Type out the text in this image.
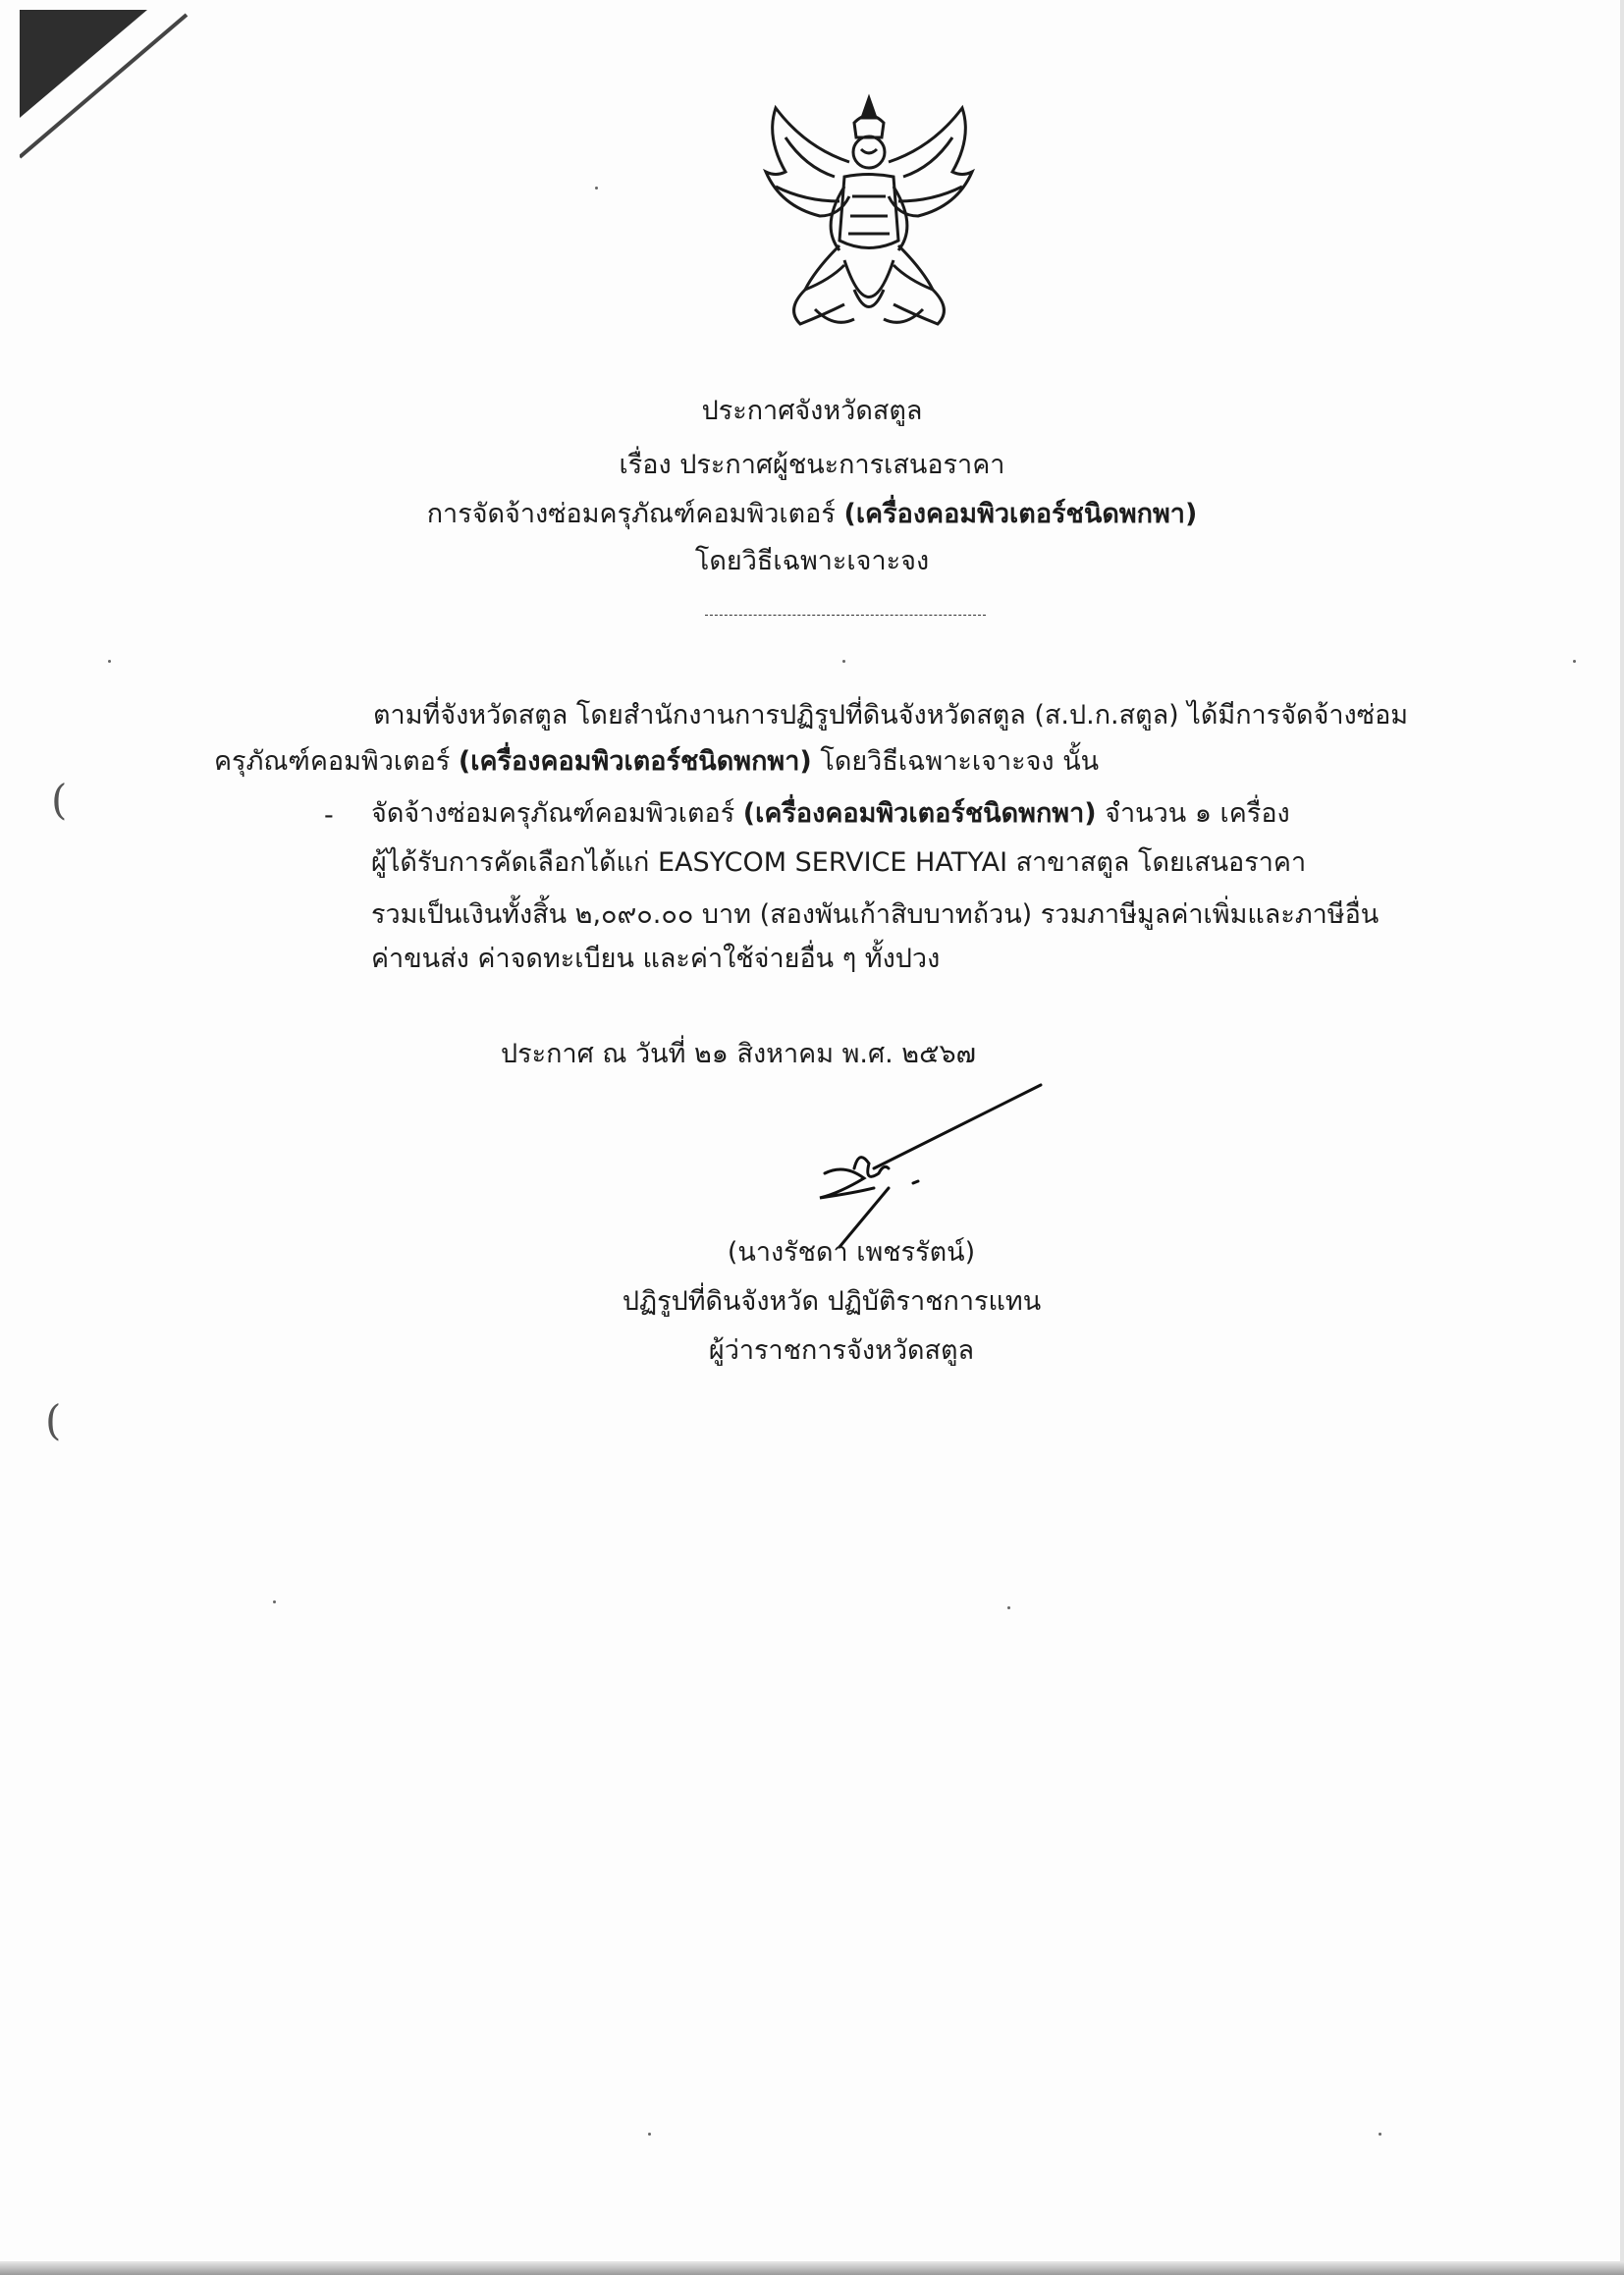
ประกาศจังหวัดสตูล
เรื่อง ประกาศผู้ชนะการเสนอราคา
การจัดจ้างซ่อมครุภัณฑ์คอมพิวเตอร์ (เครื่องคอมพิวเตอร์ชนิดพกพา)
โดยวิธีเฉพาะเจาะจง
ตามที่จังหวัดสตูล โดยสำนักงานการปฏิรูปที่ดินจังหวัดสตูล (ส.ป.ก.สตูล) ได้มีการจัดจ้างซ่อม
ครุภัณฑ์คอมพิวเตอร์ (เครื่องคอมพิวเตอร์ชนิดพกพา) โดยวิธีเฉพาะเจาะจง นั้น
- จัดจ้างซ่อมครุภัณฑ์คอมพิวเตอร์ (เครื่องคอมพิวเตอร์ชนิดพกพา) จำนวน ๑ เครื่อง
ผู้ได้รับการคัดเลือกได้แก่ EASYCOM SERVICE HATYAI สาขาสตูล โดยเสนอราคา
รวมเป็นเงินทั้งสิ้น ๒,๐๙๐.๐๐ บาท (สองพันเก้าสิบบาทถ้วน) รวมภาษีมูลค่าเพิ่มและภาษีอื่น
ค่าขนส่ง ค่าจดทะเบียน และค่าใช้จ่ายอื่น ๆ ทั้งปวง
ประกาศ ณ วันที่ ๒๑ สิงหาคม พ.ศ. ๒๕๖๗
(นางรัชดา เพชรรัตน์)
ปฏิรูปที่ดินจังหวัด ปฏิบัติราชการแทน
ผู้ว่าราชการจังหวัดสตูล
(
(
